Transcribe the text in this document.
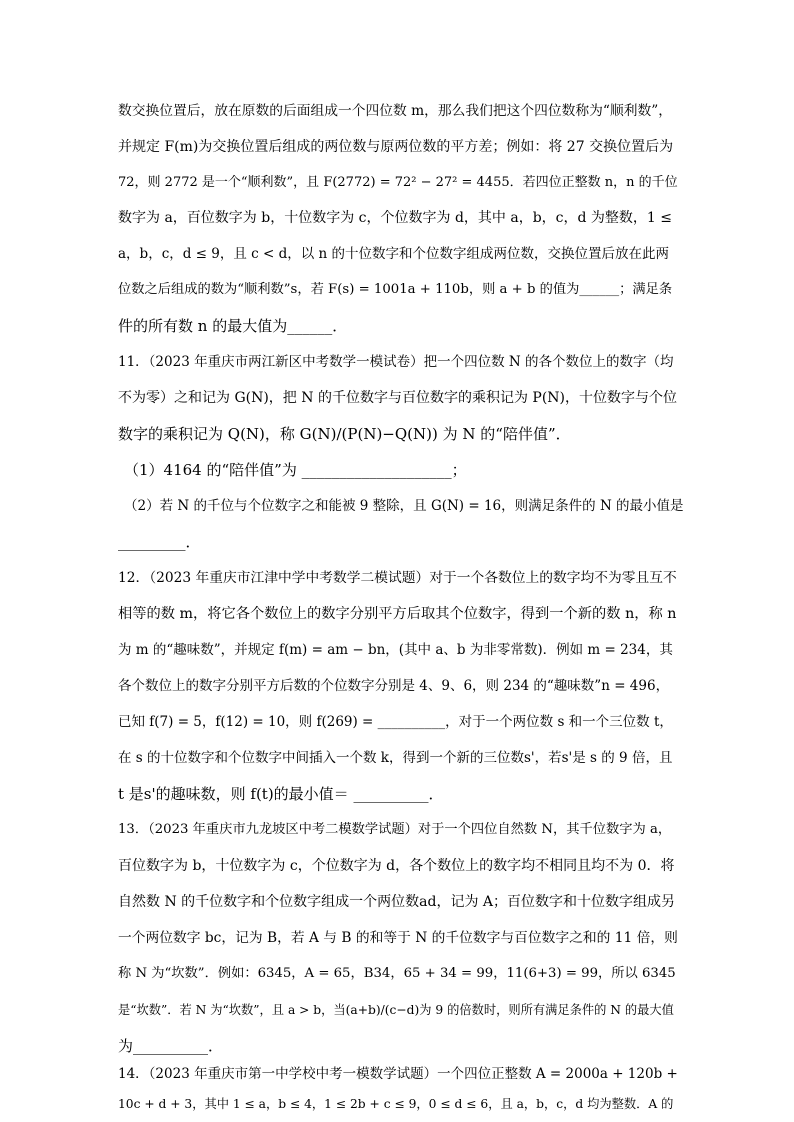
数交换位置后，放在原数的后面组成一个四位数 m，那么我们把这个四位数称为“顺利数”，
并规定 F(m)为交换位置后组成的两位数与原两位数的平方差；例如：将 27 交换位置后为
72，则 2772 是一个“顺利数”，且 F(2772) = 72² − 27² = 4455．若四位正整数 n，n 的千位
数字为 a，百位数字为 b，十位数字为 c，个位数字为 d，其中 a，b，c，d 为整数，1 ≤
a，b，c，d ≤ 9，且 c < d，以 n 的十位数字和个位数字组成两位数，交换位置后放在此两
位数之后组成的数为“顺利数”s，若 F(s) = 1001a + 110b，则 a + b 的值为______；满足条
件的所有数 n 的最大值为______．
11．（2023 年重庆市两江新区中考数学一模试卷）把一个四位数 N 的各个数位上的数字（均
不为零）之和记为 G(N)，把 N 的千位数字与百位数字的乘积记为 P(N)，十位数字与个位
数字的乘积记为 Q(N)，称 G(N)/(P(N)−Q(N)) 为 N 的“陪伴值”．
（1）4164 的“陪伴值”为 ____________________；
（2）若 N 的千位与个位数字之和能被 9 整除，且 G(N) = 16，则满足条件的 N 的最小值是
_________．
12．（2023 年重庆市江津中学中考数学二模试题）对于一个各数位上的数字均不为零且互不
相等的数 m，将它各个数位上的数字分别平方后取其个位数字，得到一个新的数 n，称 n
为 m 的“趣味数”，并规定 f(m) = am − bn，(其中 a、b 为非零常数)．例如 m = 234，其
各个数位上的数字分别平方后数的个位数字分别是 4、9、6，则 234 的“趣味数”n = 496，
已知 f(7) = 5，f(12) = 10，则 f(269) = __________，对于一个两位数 s 和一个三位数 t，
在 s 的十位数字和个位数字中间插入一个数 k，得到一个新的三位数s'，若s'是 s 的 9 倍，且
t 是s'的趣味数，则 f(t)的最小值＝ __________．
13．（2023 年重庆市九龙坡区中考二模数学试题）对于一个四位自然数 N，其千位数字为 a，
百位数字为 b，十位数字为 c，个位数字为 d，各个数位上的数字均不相同且均不为 0．将
自然数 N 的千位数字和个位数字组成一个两位数ad，记为 A；百位数字和十位数字组成另
一个两位数字 bc，记为 B，若 A 与 B 的和等于 N 的千位数字与百位数字之和的 11 倍，则
称 N 为“坎数”．例如：6345，A = 65，B34，65 + 34 = 99，11(6+3) = 99，所以 6345
是“坎数”．若 N 为“坎数”，且 a > b，当(a+b)/(c−d)为 9 的倍数时，则所有满足条件的 N 的最大值
为__________．
14．（2023 年重庆市第一中学校中考一模数学试题）一个四位正整数 A = 2000a + 120b +
10c + d + 3，其中 1 ≤ a，b ≤ 4，1 ≤ 2b + c ≤ 9，0 ≤ d ≤ 6，且 a，b，c，d 均为整数．A 的
